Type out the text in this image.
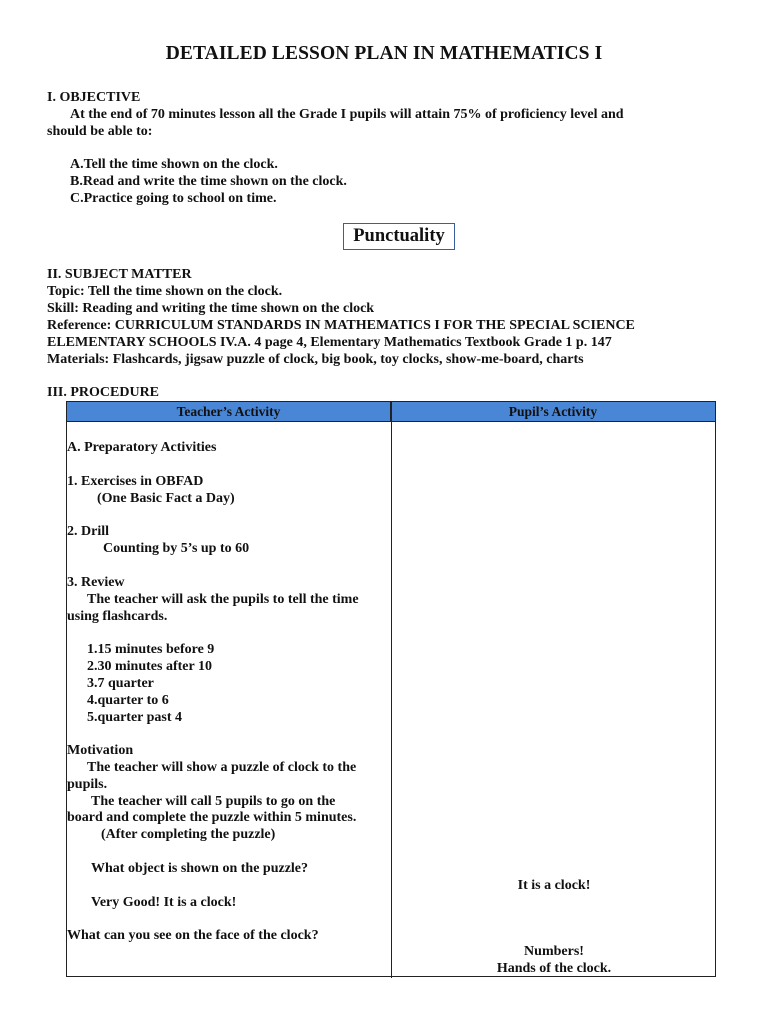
DETAILED LESSON PLAN IN MATHEMATICS I
I. OBJECTIVE
At the end of 70 minutes lesson all the Grade I pupils will attain 75% of proficiency level and
should be able to:
A.Tell the time shown on the clock.
B.Read and write the time shown on the clock.
C.Practice going to school on time.
Punctuality
II. SUBJECT MATTER
Topic: Tell the time shown on the clock.
Skill: Reading and writing the time shown on the clock
Reference: CURRICULUM STANDARDS IN MATHEMATICS I FOR THE SPECIAL SCIENCE
ELEMENTARY SCHOOLS IV.A. 4 page 4, Elementary Mathematics Textbook Grade 1 p. 147
Materials: Flashcards, jigsaw puzzle of clock, big book, toy clocks, show-me-board, charts
III. PROCEDURE
Teacher’s Activity	Pupil’s Activity
A. Preparatory Activities
1. Exercises in OBFAD
(One Basic Fact a Day)
2. Drill
Counting by 5’s up to 60
3. Review
The teacher will ask the pupils to tell the time
using flashcards.
1.15 minutes before 9
2.30 minutes after 10
3.7 quarter
4.quarter to 6
5.quarter past 4
Motivation
The teacher will show a puzzle of clock to the
pupils.
The teacher will call 5 pupils to go on the
board and complete the puzzle within 5 minutes.
(After completing the puzzle)
What object is shown on the puzzle?
Very Good! It is a clock!
What can you see on the face of the clock?
It is a clock!
Numbers!
Hands of the clock.
